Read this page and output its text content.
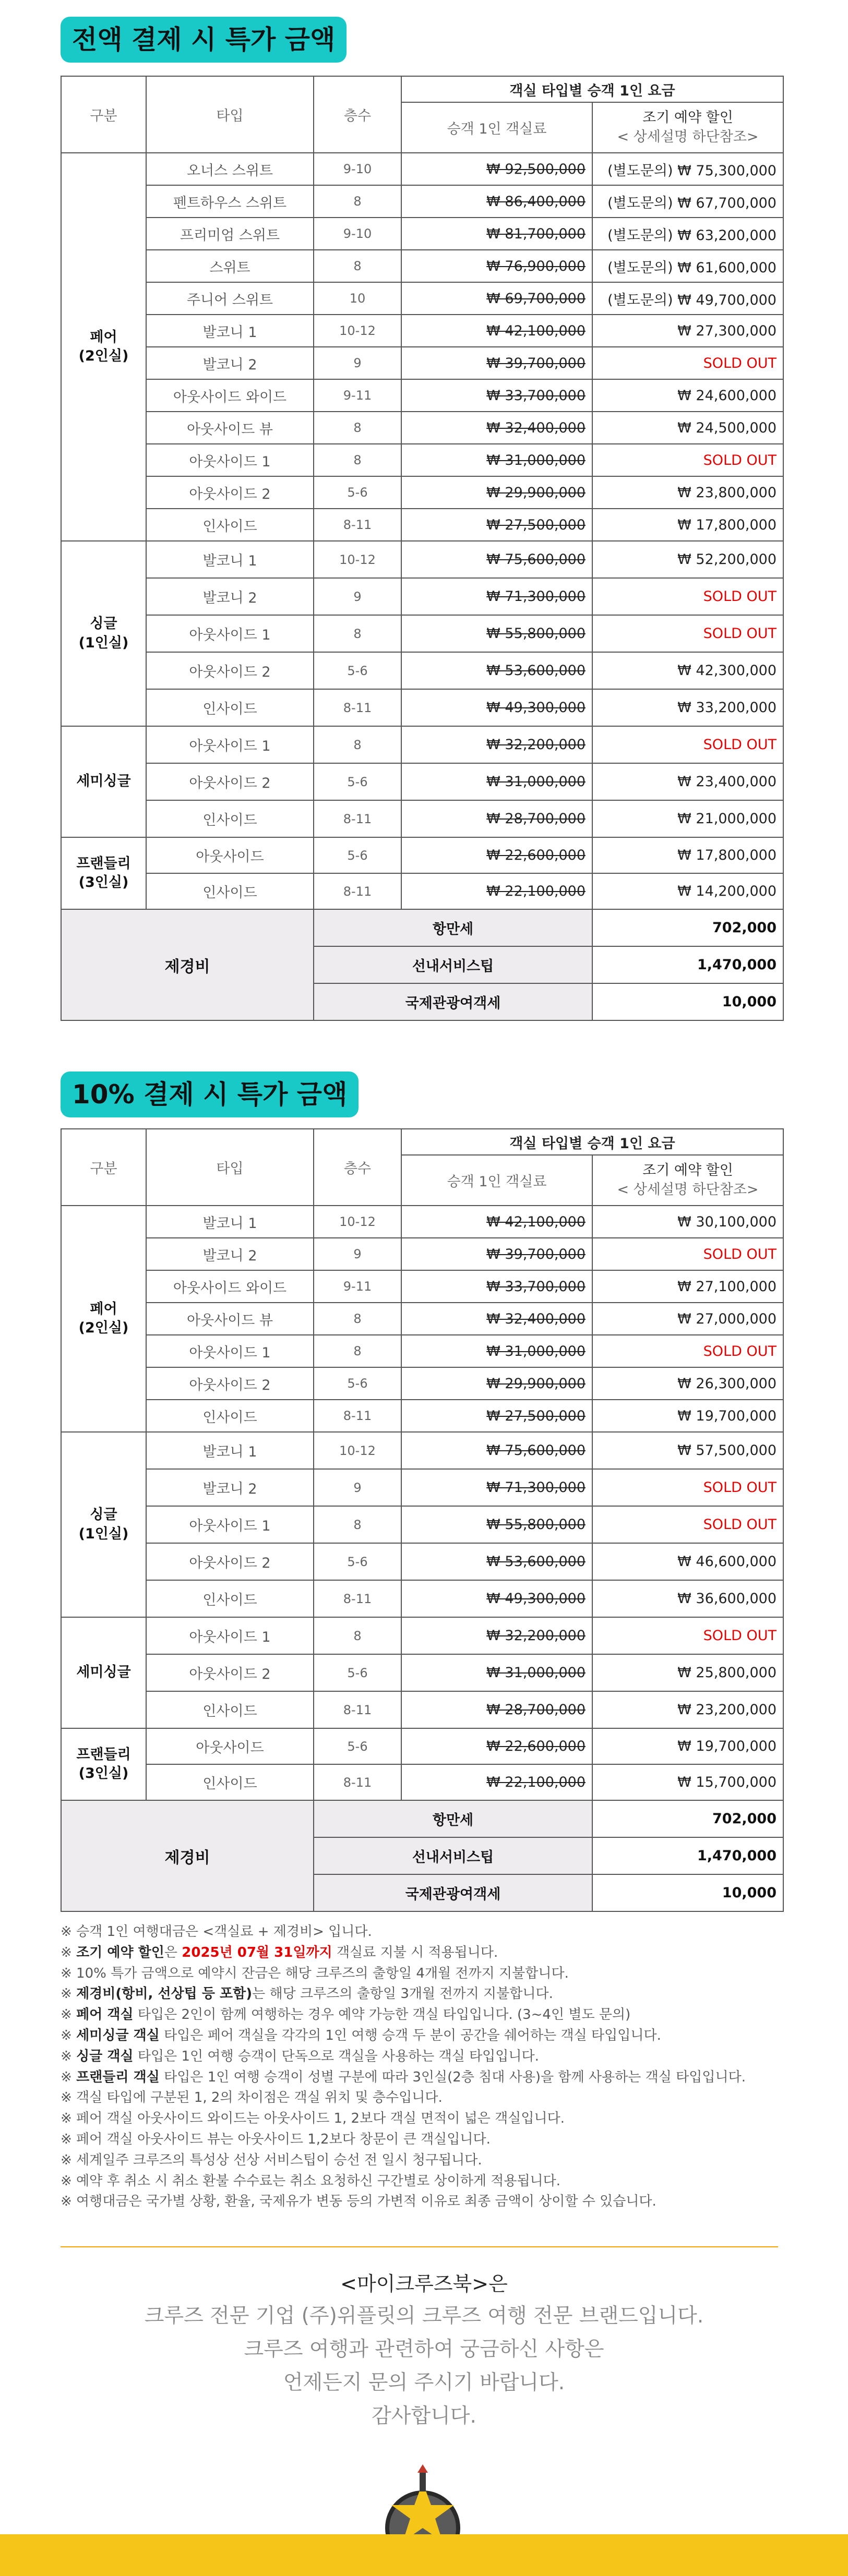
전액 결제 시 특가 금액
구분	타입	층수	객실 타입별 승객 1인 요금	
			승객 1인 객실료	조기 예약 할인
< 상세설명 하단참조>

페어
(2인실)	오너스 스위트	9-10	₩ 92,500,000	(별도문의) ₩ 75,300,000
	펜트하우스 스위트	8	₩ 86,400,000	(별도문의) ₩ 67,700,000
	프리미엄 스위트	9-10	₩ 81,700,000	(별도문의) ₩ 63,200,000
	스위트	8	₩ 76,900,000	(별도문의) ₩ 61,600,000
	주니어 스위트	10	₩ 69,700,000	(별도문의) ₩ 49,700,000
	발코니 1	10-12	₩ 42,100,000	₩ 27,300,000
	발코니 2	9	₩ 39,700,000	SOLD OUT
	아웃사이드 와이드	9-11	₩ 33,700,000	₩ 24,600,000
	아웃사이드 뷰	8	₩ 32,400,000	₩ 24,500,000
	아웃사이드 1	8	₩ 31,000,000	SOLD OUT
	아웃사이드 2	5-6	₩ 29,900,000	₩ 23,800,000
	인사이드	8-11	₩ 27,500,000	₩ 17,800,000

싱글
(1인실)	발코니 1	10-12	₩ 75,600,000	₩ 52,200,000
	발코니 2	9	₩ 71,300,000	SOLD OUT
	아웃사이드 1	8	₩ 55,800,000	SOLD OUT
	아웃사이드 2	5-6	₩ 53,600,000	₩ 42,300,000
	인사이드	8-11	₩ 49,300,000	₩ 33,200,000

세미싱글	아웃사이드 1	8	₩ 32,200,000	SOLD OUT
	아웃사이드 2	5-6	₩ 31,000,000	₩ 23,400,000
	인사이드	8-11	₩ 28,700,000	₩ 21,000,000

프랜들리
(3인실)	아웃사이드	5-6	₩ 22,600,000	₩ 17,800,000
	인사이드	8-11	₩ 22,100,000	₩ 14,200,000
제경비		항만세		702,000
		선내서비스팁		1,470,000
		국제관광여객세		10,000
10% 결제 시 특가 금액
구분	타입	층수	객실 타입별 승객 1인 요금	
			승객 1인 객실료	조기 예약 할인
< 상세설명 하단참조>

페어
(2인실)	발코니 1	10-12	₩ 42,100,000	₩ 30,100,000
	발코니 2	9	₩ 39,700,000	SOLD OUT
	아웃사이드 와이드	9-11	₩ 33,700,000	₩ 27,100,000
	아웃사이드 뷰	8	₩ 32,400,000	₩ 27,000,000
	아웃사이드 1	8	₩ 31,000,000	SOLD OUT
	아웃사이드 2	5-6	₩ 29,900,000	₩ 26,300,000
	인사이드	8-11	₩ 27,500,000	₩ 19,700,000

싱글
(1인실)	발코니 1	10-12	₩ 75,600,000	₩ 57,500,000
	발코니 2	9	₩ 71,300,000	SOLD OUT
	아웃사이드 1	8	₩ 55,800,000	SOLD OUT
	아웃사이드 2	5-6	₩ 53,600,000	₩ 46,600,000
	인사이드	8-11	₩ 49,300,000	₩ 36,600,000

세미싱글	아웃사이드 1	8	₩ 32,200,000	SOLD OUT
	아웃사이드 2	5-6	₩ 31,000,000	₩ 25,800,000
	인사이드	8-11	₩ 28,700,000	₩ 23,200,000

프랜들리
(3인실)	아웃사이드	5-6	₩ 22,600,000	₩ 19,700,000
	인사이드	8-11	₩ 22,100,000	₩ 15,700,000
제경비		항만세		702,000
		선내서비스팁		1,470,000
		국제관광여객세		10,000
※ 승객 1인 여행대금은 <객실료 + 제경비> 입니다.
※ 조기 예약 할인은 2025년 07월 31일까지 객실료 지불 시 적용됩니다.
※ 10% 특가 금액으로 예약시 잔금은 해당 크루즈의 출항일 4개월 전까지 지불합니다.
※ 제경비(항비, 선상팁 등 포함)는 해당 크루즈의 출항일 3개월 전까지 지불합니다.
※ 페어 객실 타입은 2인이 함께 여행하는 경우 예약 가능한 객실 타입입니다. (3~4인 별도 문의)
※ 세미싱글 객실 타입은 페어 객실을 각각의 1인 여행 승객 두 분이 공간을 쉐어하는 객실 타입입니다.
※ 싱글 객실 타입은 1인 여행 승객이 단독으로 객실을 사용하는 객실 타입입니다.
※ 프랜들리 객실 타입은 1인 여행 승객이 성별 구분에 따라 3인실(2층 침대 사용)을 함께 사용하는 객실 타입입니다.
※ 객실 타입에 구분된 1, 2의 차이점은 객실 위치 및 층수입니다.
※ 페어 객실 아웃사이드 와이드는 아웃사이드 1, 2보다 객실 면적이 넓은 객실입니다.
※ 페어 객실 아웃사이드 뷰는 아웃사이드 1,2보다 창문이 큰 객실입니다.
※ 세계일주 크루즈의 특성상 선상 서비스팁이 승선 전 일시 청구됩니다.
※ 예약 후 취소 시 취소 환불 수수료는 취소 요청하신 구간별로 상이하게 적용됩니다.
※ 여행대금은 국가별 상황, 환율, 국제유가 변동 등의 가변적 이유로 최종 금액이 상이할 수 있습니다.
<마이크루즈북>은
크루즈 전문 기업 (주)위플릿의 크루즈 여행 전문 브랜드입니다.
크루즈 여행과 관련하여 궁금하신 사항은
언제든지 문의 주시기 바랍니다.
감사합니다.
